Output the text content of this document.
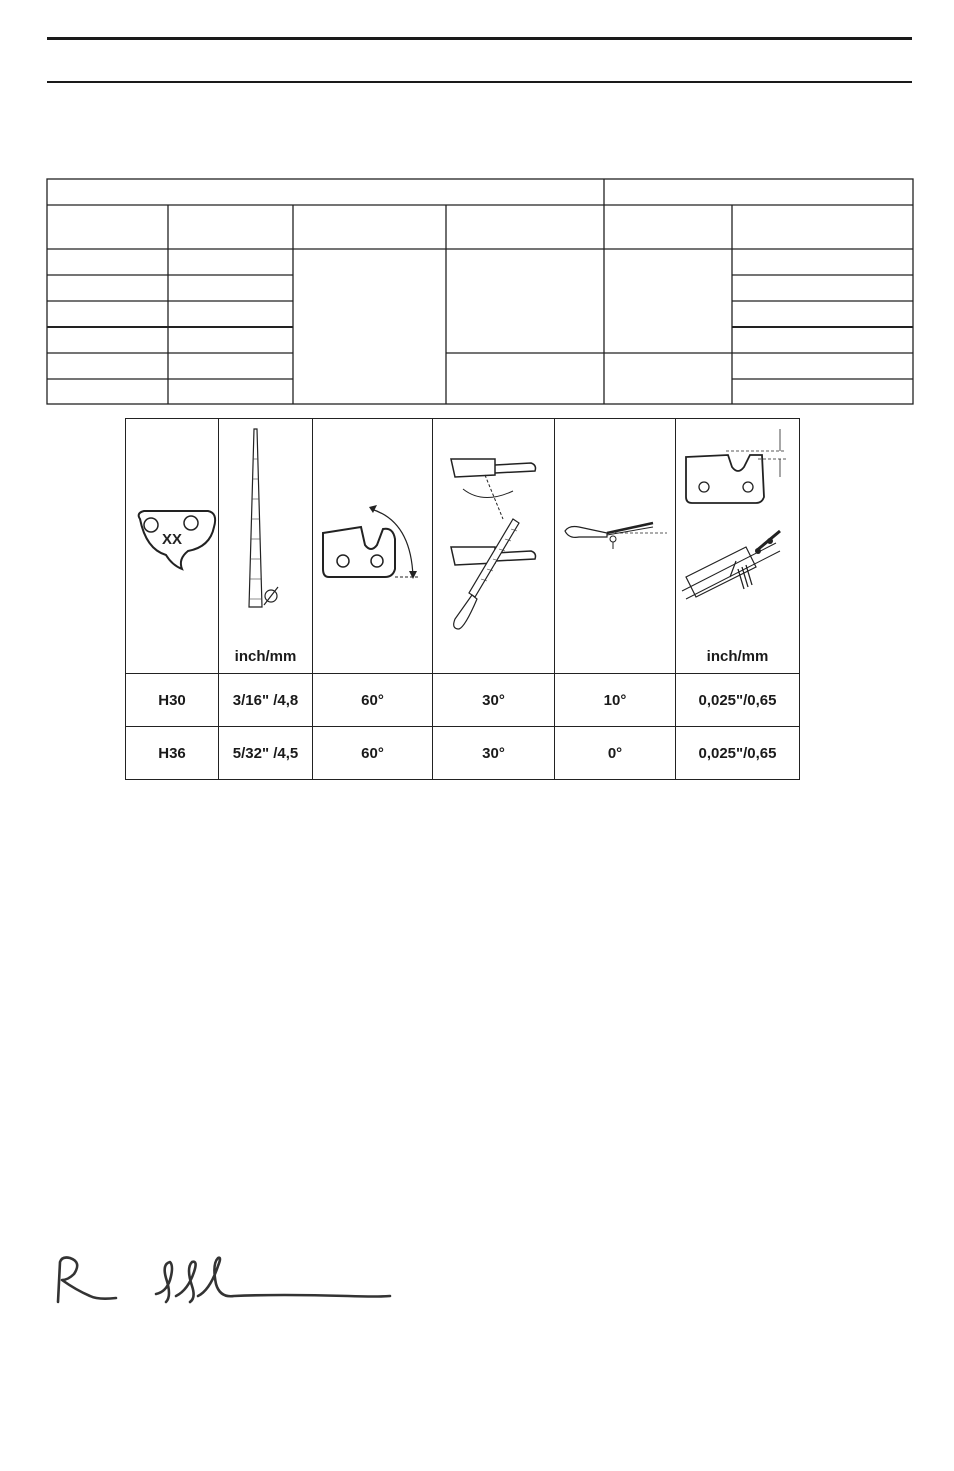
XX	inch/mm				inch/mm

H30	3/16" /4,8	60°	30°	10°	0,025"/0,65
H36	5/32" /4,5	60°	30°	0°	0,025"/0,65
